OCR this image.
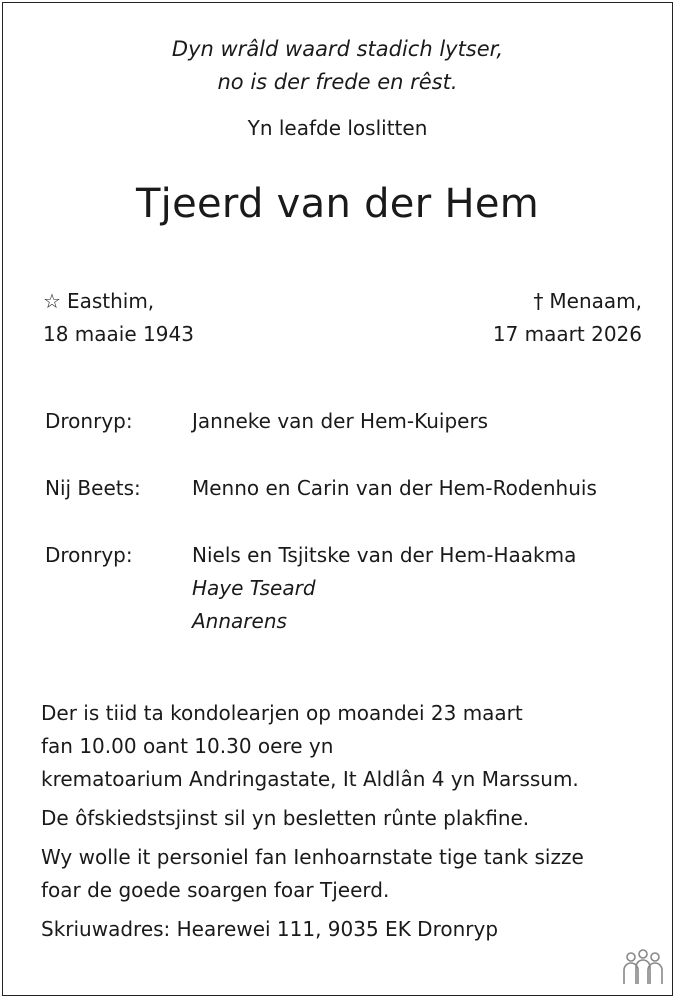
Dyn wrâld waard stadich lytser,
no is der frede en rêst.
Yn leafde loslitten
Tjeerd van der Hem
☆ Easthim,
18 maaie 1943
† Menaam,
17 maart 2026
Dronryp:	Janneke van der Hem-Kuipers
Nij Beets:	Menno en Carin van der Hem-Rodenhuis
Dronryp:	Niels en Tsjitske van der Hem-Haakma
Haye Tseard
Annarens

Der is tiid ta kondolearjen op moandei 23 maart
fan 10.00 oant 10.30 oere yn
krematoarium Andringastate, It Aldlân 4 yn Marssum.

De ôfskiedstsjinst sil yn besletten rûnte plakfine.

Wy wolle it personiel fan Ienhoarnstate tige tank sizze
foar de goede soargen foar Tjeerd.

Skriuwadres: Hearewei 111, 9035 EK Dronryp
